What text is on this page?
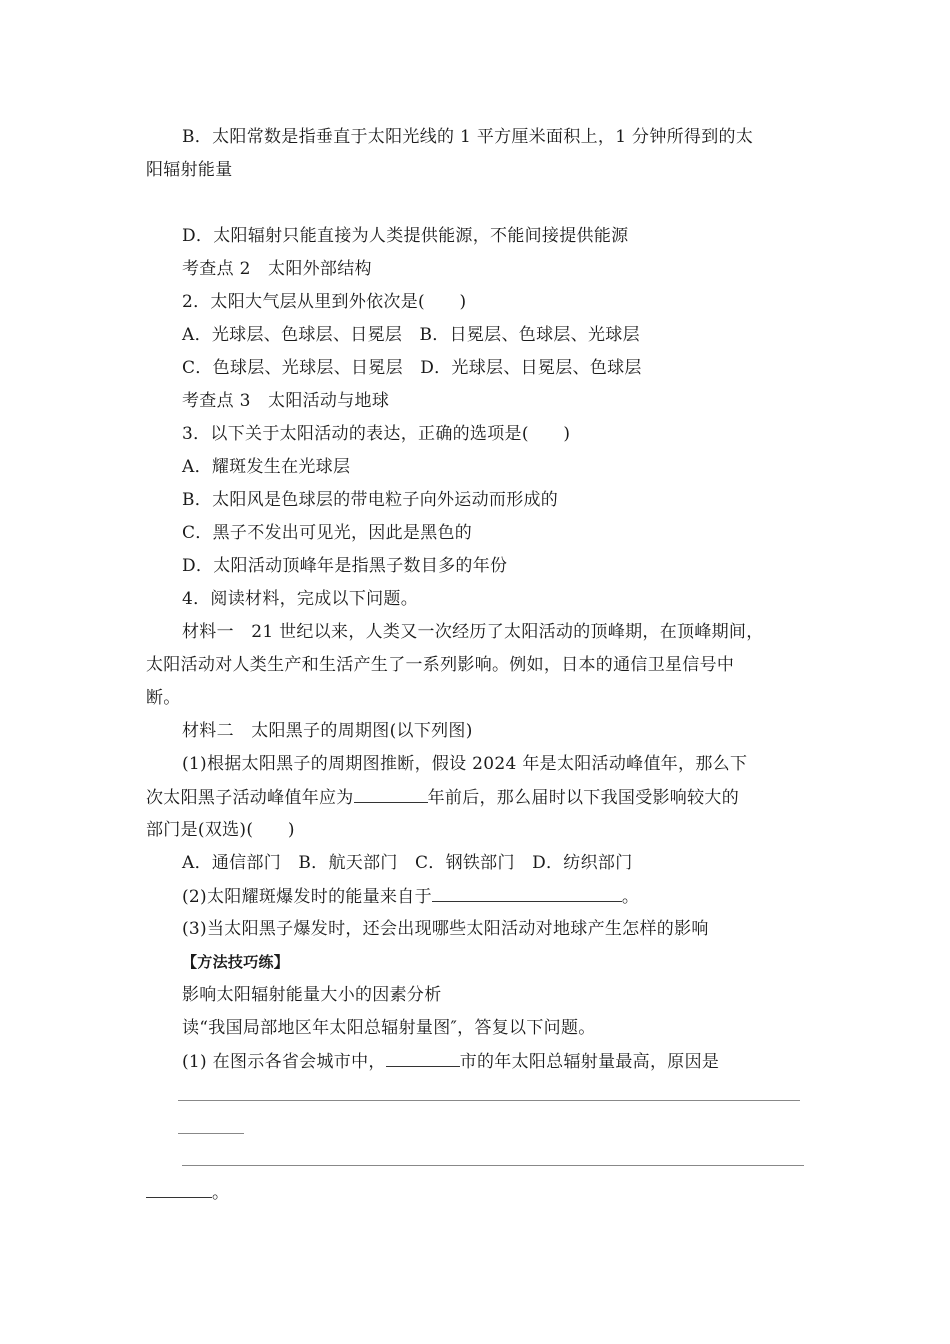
B．太阳常数是指垂直于太阳光线的 1 平方厘米面积上，1 分钟所得到的太
阳辐射能量
D．太阳辐射只能直接为人类提供能源，不能间接提供能源
考查点 2　太阳外部结构
2．太阳大气层从里到外依次是(　　)
A．光球层、色球层、日冕层　B．日冕层、色球层、光球层
C．色球层、光球层、日冕层　D．光球层、日冕层、色球层
考查点 3　太阳活动与地球
3．以下关于太阳活动的表达，正确的选项是(　　)
A．耀斑发生在光球层
B．太阳风是色球层的带电粒子向外运动而形成的
C．黑子不发出可见光，因此是黑色的
D．太阳活动顶峰年是指黑子数目多的年份
4．阅读材料，完成以下问题。
材料一　21 世纪以来，人类又一次经历了太阳活动的顶峰期，在顶峰期间，
太阳活动对人类生产和生活产生了一系列影响。例如，日本的通信卫星信号中
断。
材料二　太阳黑子的周期图(以下列图)
(1)根据太阳黑子的周期图推断，假设 2024 年是太阳活动峰值年，那么下
次太阳黑子活动峰值年应为	年前后，那么届时以下我国受影响较大的
部门是(双选)(　　)
A．通信部门　B．航天部门　C．钢铁部门　D．纺织部门
(2)太阳耀斑爆发时的能量来自于	。
(3)当太阳黑子爆发时，还会出现哪些太阳活动对地球产生怎样的影响
【方法技巧练】
影响太阳辐射能量大小的因素分析
读“我国局部地区年太阳总辐射量图″，答复以下问题。
(1) 在图示各省会城市中，	市的年太阳总辐射量最高，原因是
。
